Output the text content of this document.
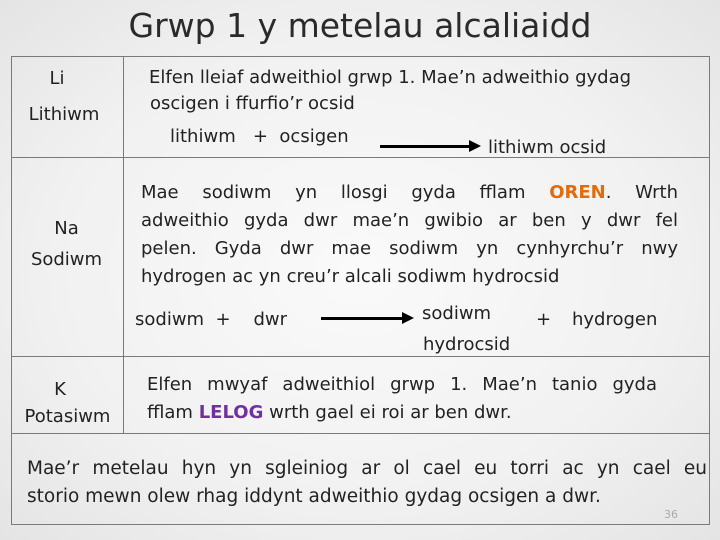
Grwp 1 y metelau alcaliaidd
Li
Lithiwm
Elfen lleiaf adweithiol grwp 1. Mae’n adweithio gydag
oscigen i ffurfio’r ocsid
lithiwm   +  ocsigen
lithiwm ocsid
Na
Sodiwm
Mae sodiwm yn llosgi gyda fflam OREN. Wrth
adweithio gyda dwr mae’n gwibio ar ben y dwr fel
pelen. Gyda dwr mae sodiwm yn cynhyrchu’r nwy
hydrogen ac yn creu’r alcali sodiwm hydrocsid
sodiwm  +    dwr	sodiwm
hydrocsid
+ hydrogen
K
Potasiwm
Elfen mwyaf adweithiol grwp 1. Mae’n tanio gyda
fflam LELOG wrth gael ei roi ar ben dwr.
Mae’r metelau hyn yn sgleiniog ar ol cael eu torri ac yn cael eu
storio mewn olew rhag iddynt adweithio gydag ocsigen a dwr.
36
